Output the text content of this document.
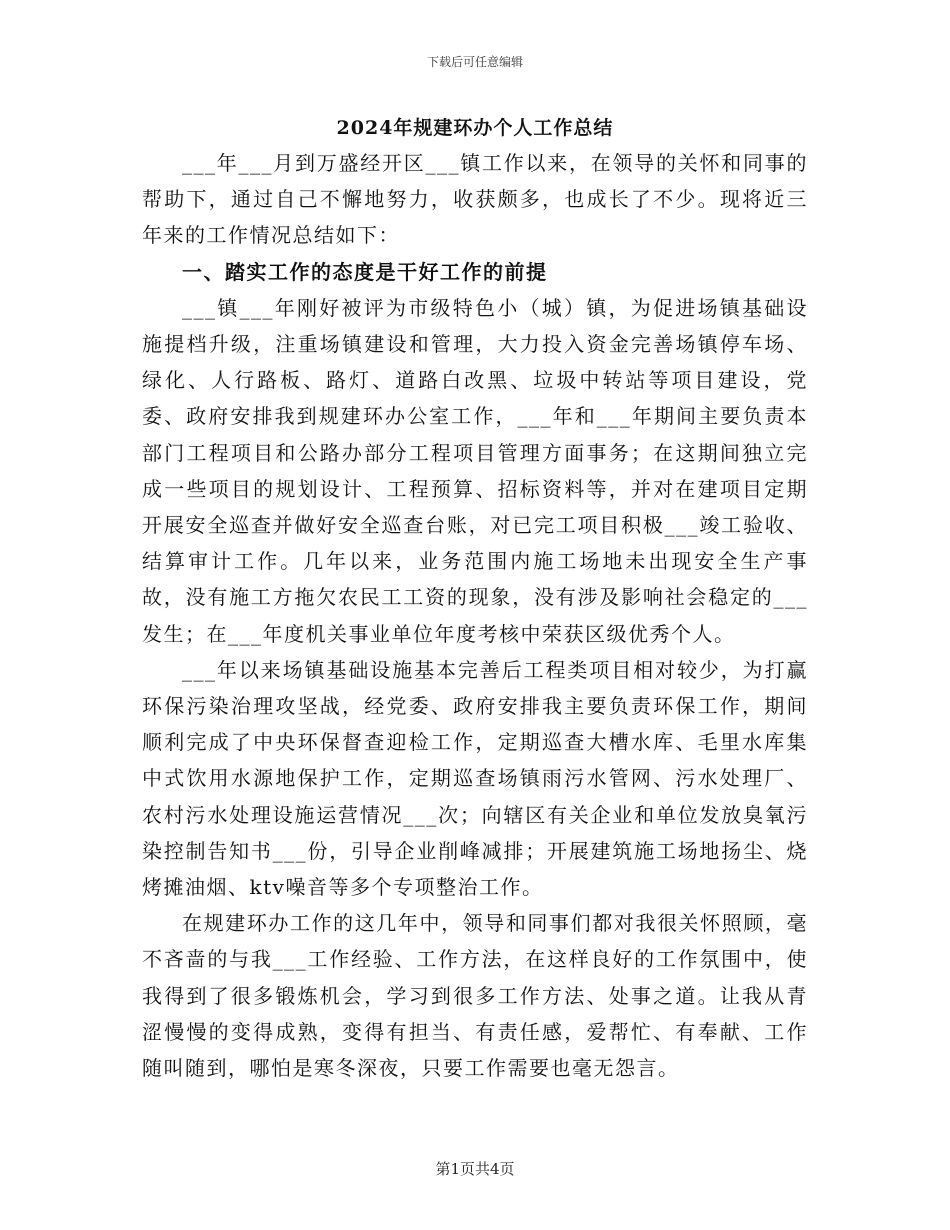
下载后可任意编辑
2024年规建环办个人工作总结

___年___月到万盛经开区___镇工作以来，在领导的关怀和同事的帮助下，通过自己不懈地努力，收获颇多，也成长了不少。现将近三年来的工作情况总结如下：

一、踏实工作的态度是干好工作的前提

___镇___年刚好被评为市级特色小（城）镇，为促进场镇基础设施提档升级，注重场镇建设和管理，大力投入资金完善场镇停车场、绿化、人行路板、路灯、道路白改黑、垃圾中转站等项目建设，党委、政府安排我到规建环办公室工作，___年和___年期间主要负责本部门工程项目和公路办部分工程项目管理方面事务；在这期间独立完成一些项目的规划设计、工程预算、招标资料等，并对在建项目定期开展安全巡查并做好安全巡查台账，对已完工项目积极___竣工验收、结算审计工作。几年以来，业务范围内施工场地未出现安全生产事故，没有施工方拖欠农民工工资的现象，没有涉及影响社会稳定的___发生；在___年度机关事业单位年度考核中荣获区级优秀个人。

___年以来场镇基础设施基本完善后工程类项目相对较少，为打赢环保污染治理攻坚战，经党委、政府安排我主要负责环保工作，期间顺利完成了中央环保督查迎检工作，定期巡查大槽水库、毛里水库集中式饮用水源地保护工作，定期巡查场镇雨污水管网、污水处理厂、农村污水处理设施运营情况___次；向辖区有关企业和单位发放臭氧污染控制告知书___份，引导企业削峰减排；开展建筑施工场地扬尘、烧烤摊油烟、ktv噪音等多个专项整治工作。

在规建环办工作的这几年中，领导和同事们都对我很关怀照顾，毫不吝啬的与我___工作经验、工作方法，在这样良好的工作氛围中，使我得到了很多锻炼机会，学习到很多工作方法、处事之道。让我从青涩慢慢的变得成熟，变得有担当、有责任感，爱帮忙、有奉献、工作随叫随到，哪怕是寒冬深夜，只要工作需要也毫无怨言。

第1页共4页
